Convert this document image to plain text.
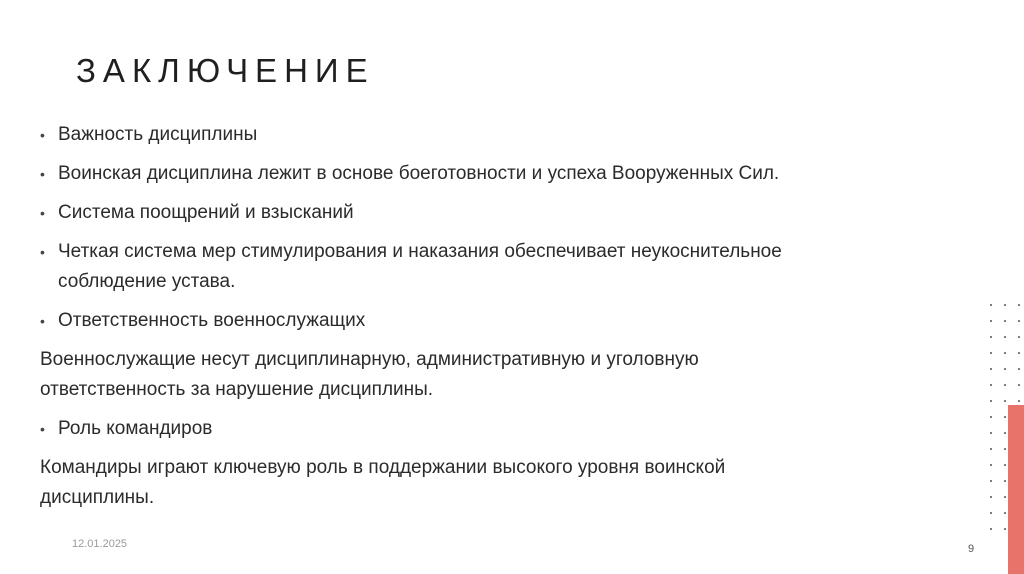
ЗАКЛЮЧЕНИЕ
• Важность дисциплины
• Воинская дисциплина лежит в основе боеготовности и успеха Вооруженных Сил.
• Система поощрений и взысканий
• Четкая система мер стимулирования и наказания обеспечивает неукоснительное соблюдение устава.
• Ответственность военнослужащих
Военнослужащие несут дисциплинарную, административную и уголовную ответственность за нарушение дисциплины.
• Роль командиров
Командиры играют ключевую роль в поддержании высокого уровня воинской дисциплины.
12.01.2025	9
